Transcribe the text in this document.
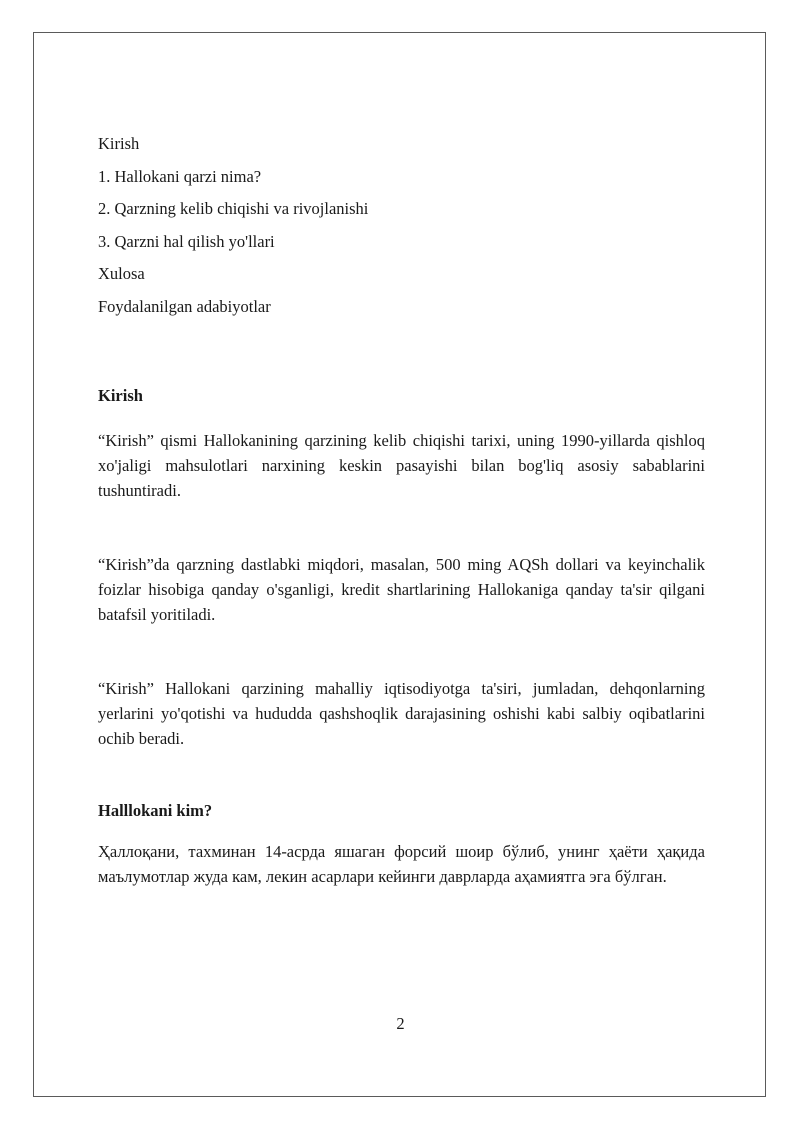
Kirish

1. Hallokani qarzi nima?

2. Qarzning kelib chiqishi va rivojlanishi

3. Qarzni hal qilish yo'llari

Xulosa

Foydalanilgan adabiyotlar

Kirish

“Kirish” qismi Hallokanining qarzining kelib chiqishi tarixi, uning 1990-yillarda qishloq xo'jaligi mahsulotlari narxining keskin pasayishi bilan bog'liq asosiy sabablarini tushuntiradi.

“Kirish”da qarzning dastlabki miqdori, masalan, 500 ming AQSh dollari va keyinchalik foizlar hisobiga qanday o'sganligi, kredit shartlarining Hallokaniga qanday ta'sir qilgani batafsil yoritiladi.

“Kirish” Hallokani qarzining mahalliy iqtisodiyotga ta'siri, jumladan, dehqonlarning yerlarini yo'qotishi va hududda qashshoqlik darajasining oshishi kabi salbiy oqibatlarini ochib beradi.

Halllokani kim?

Ҳаллоқани, тахминан 14-асрда яшаган форсий шоир бўлиб, унинг ҳаёти ҳақида маълумотлар жуда кам, лекин асарлари кейинги даврларда аҳамиятга эга бўлган.

2
